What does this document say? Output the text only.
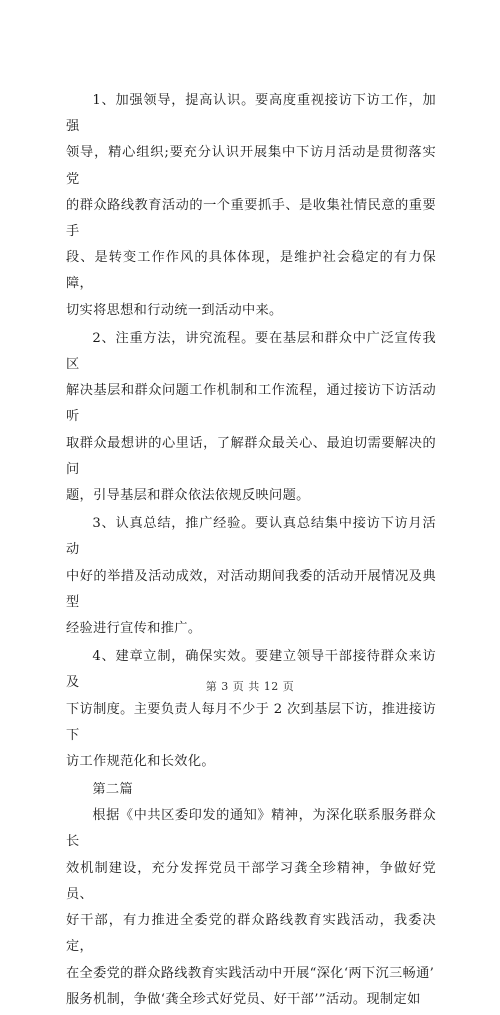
1、加强领导，提高认识。要高度重视接访下访工作，加强
领导，精心组织;要充分认识开展集中下访月活动是贯彻落实党
的群众路线教育活动的一个重要抓手、是收集社情民意的重要手
段、是转变工作作风的具体体现，是维护社会稳定的有力保障，
切实将思想和行动统一到活动中来。
2、注重方法，讲究流程。要在基层和群众中广泛宣传我区
解决基层和群众问题工作机制和工作流程，通过接访下访活动听
取群众最想讲的心里话，了解群众最关心、最迫切需要解决的问
题，引导基层和群众依法依规反映问题。
3、认真总结，推广经验。要认真总结集中接访下访月活动
中好的举措及活动成效，对活动期间我委的活动开展情况及典型
经验进行宣传和推广。
4、建章立制，确保实效。要建立领导干部接待群众来访及
下访制度。主要负责人每月不少于 2 次到基层下访，推进接访下
访工作规范化和长效化。
第二篇
根据《中共区委印发的通知》精神，为深化联系服务群众长
效机制建设，充分发挥党员干部学习龚全珍精神，争做好党员、
好干部，有力推进全委党的群众路线教育实践活动，我委决定，
在全委党的群众路线教育实践活动中开展“深化‘两下沉三畅通’
服务机制，争做‘龚全珍式好党员、好干部’”活动。现制定如
第 3 页 共 12 页
